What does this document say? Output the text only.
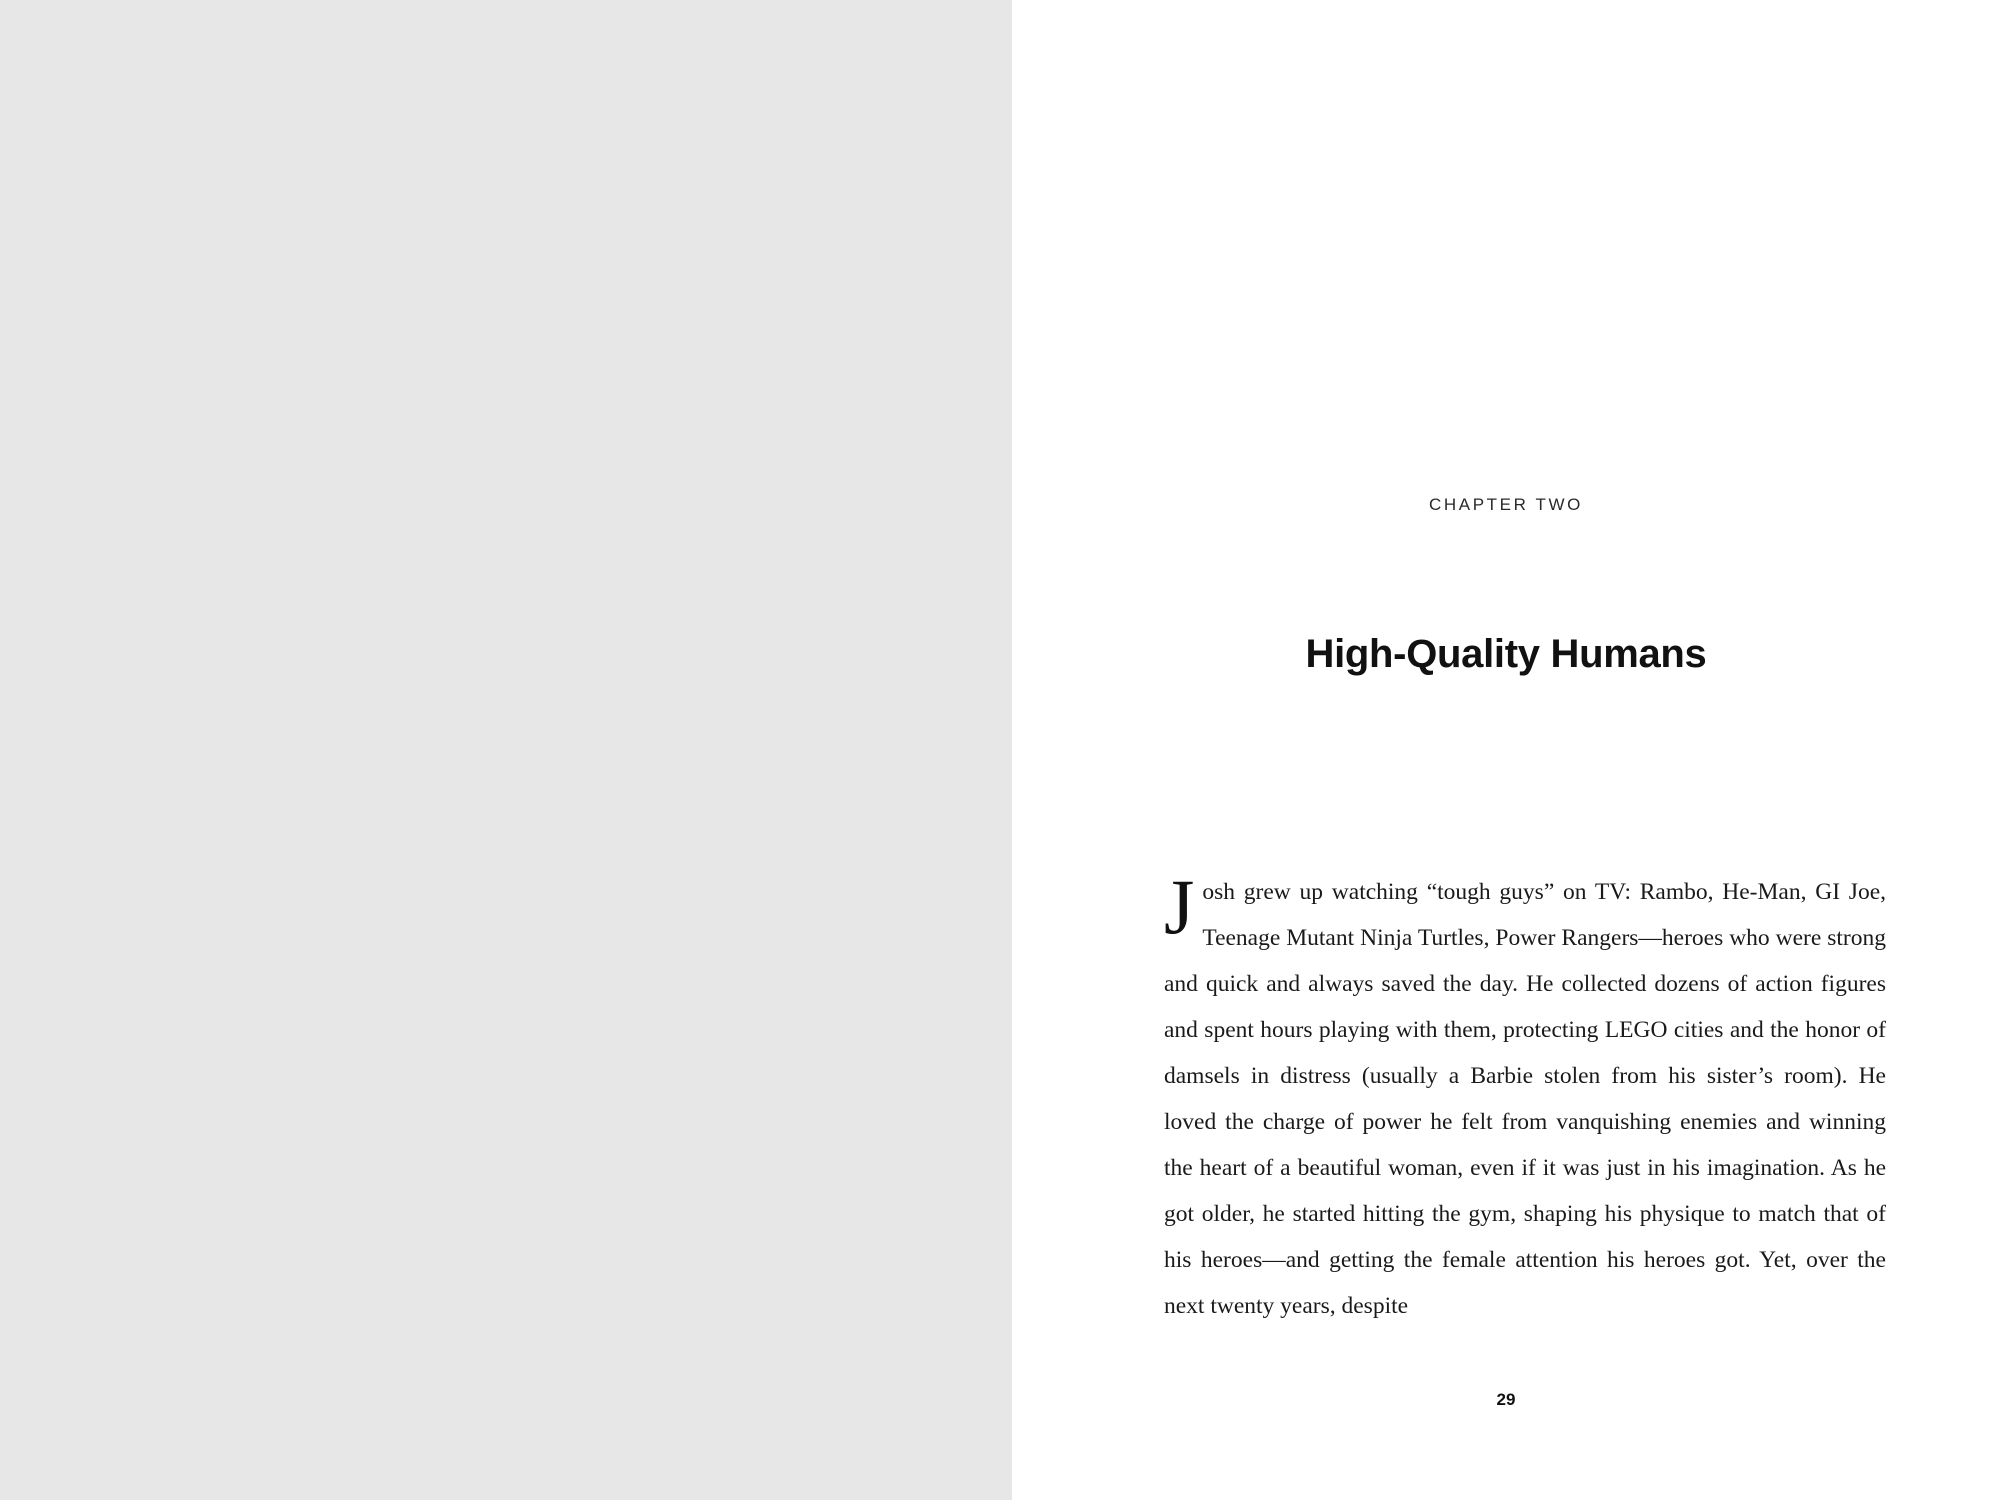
CHAPTER TWO
High-Quality Humans

Josh grew up watching “tough guys” on TV: Rambo, He-Man, GI Joe, Teenage Mutant Ninja Turtles, Power Rangers—heroes who were strong and quick and always saved the day. He collected dozens of action figures and spent hours playing with them, protecting LEGO cities and the honor of damsels in distress (usually a Barbie stolen from his sister’s room). He loved the charge of power he felt from vanquishing enemies and winning the heart of a beautiful woman, even if it was just in his imagination. As he got older, he started hitting the gym, shaping his physique to match that of his heroes—and getting the female attention his heroes got. Yet, over the next twenty years, despite

29
